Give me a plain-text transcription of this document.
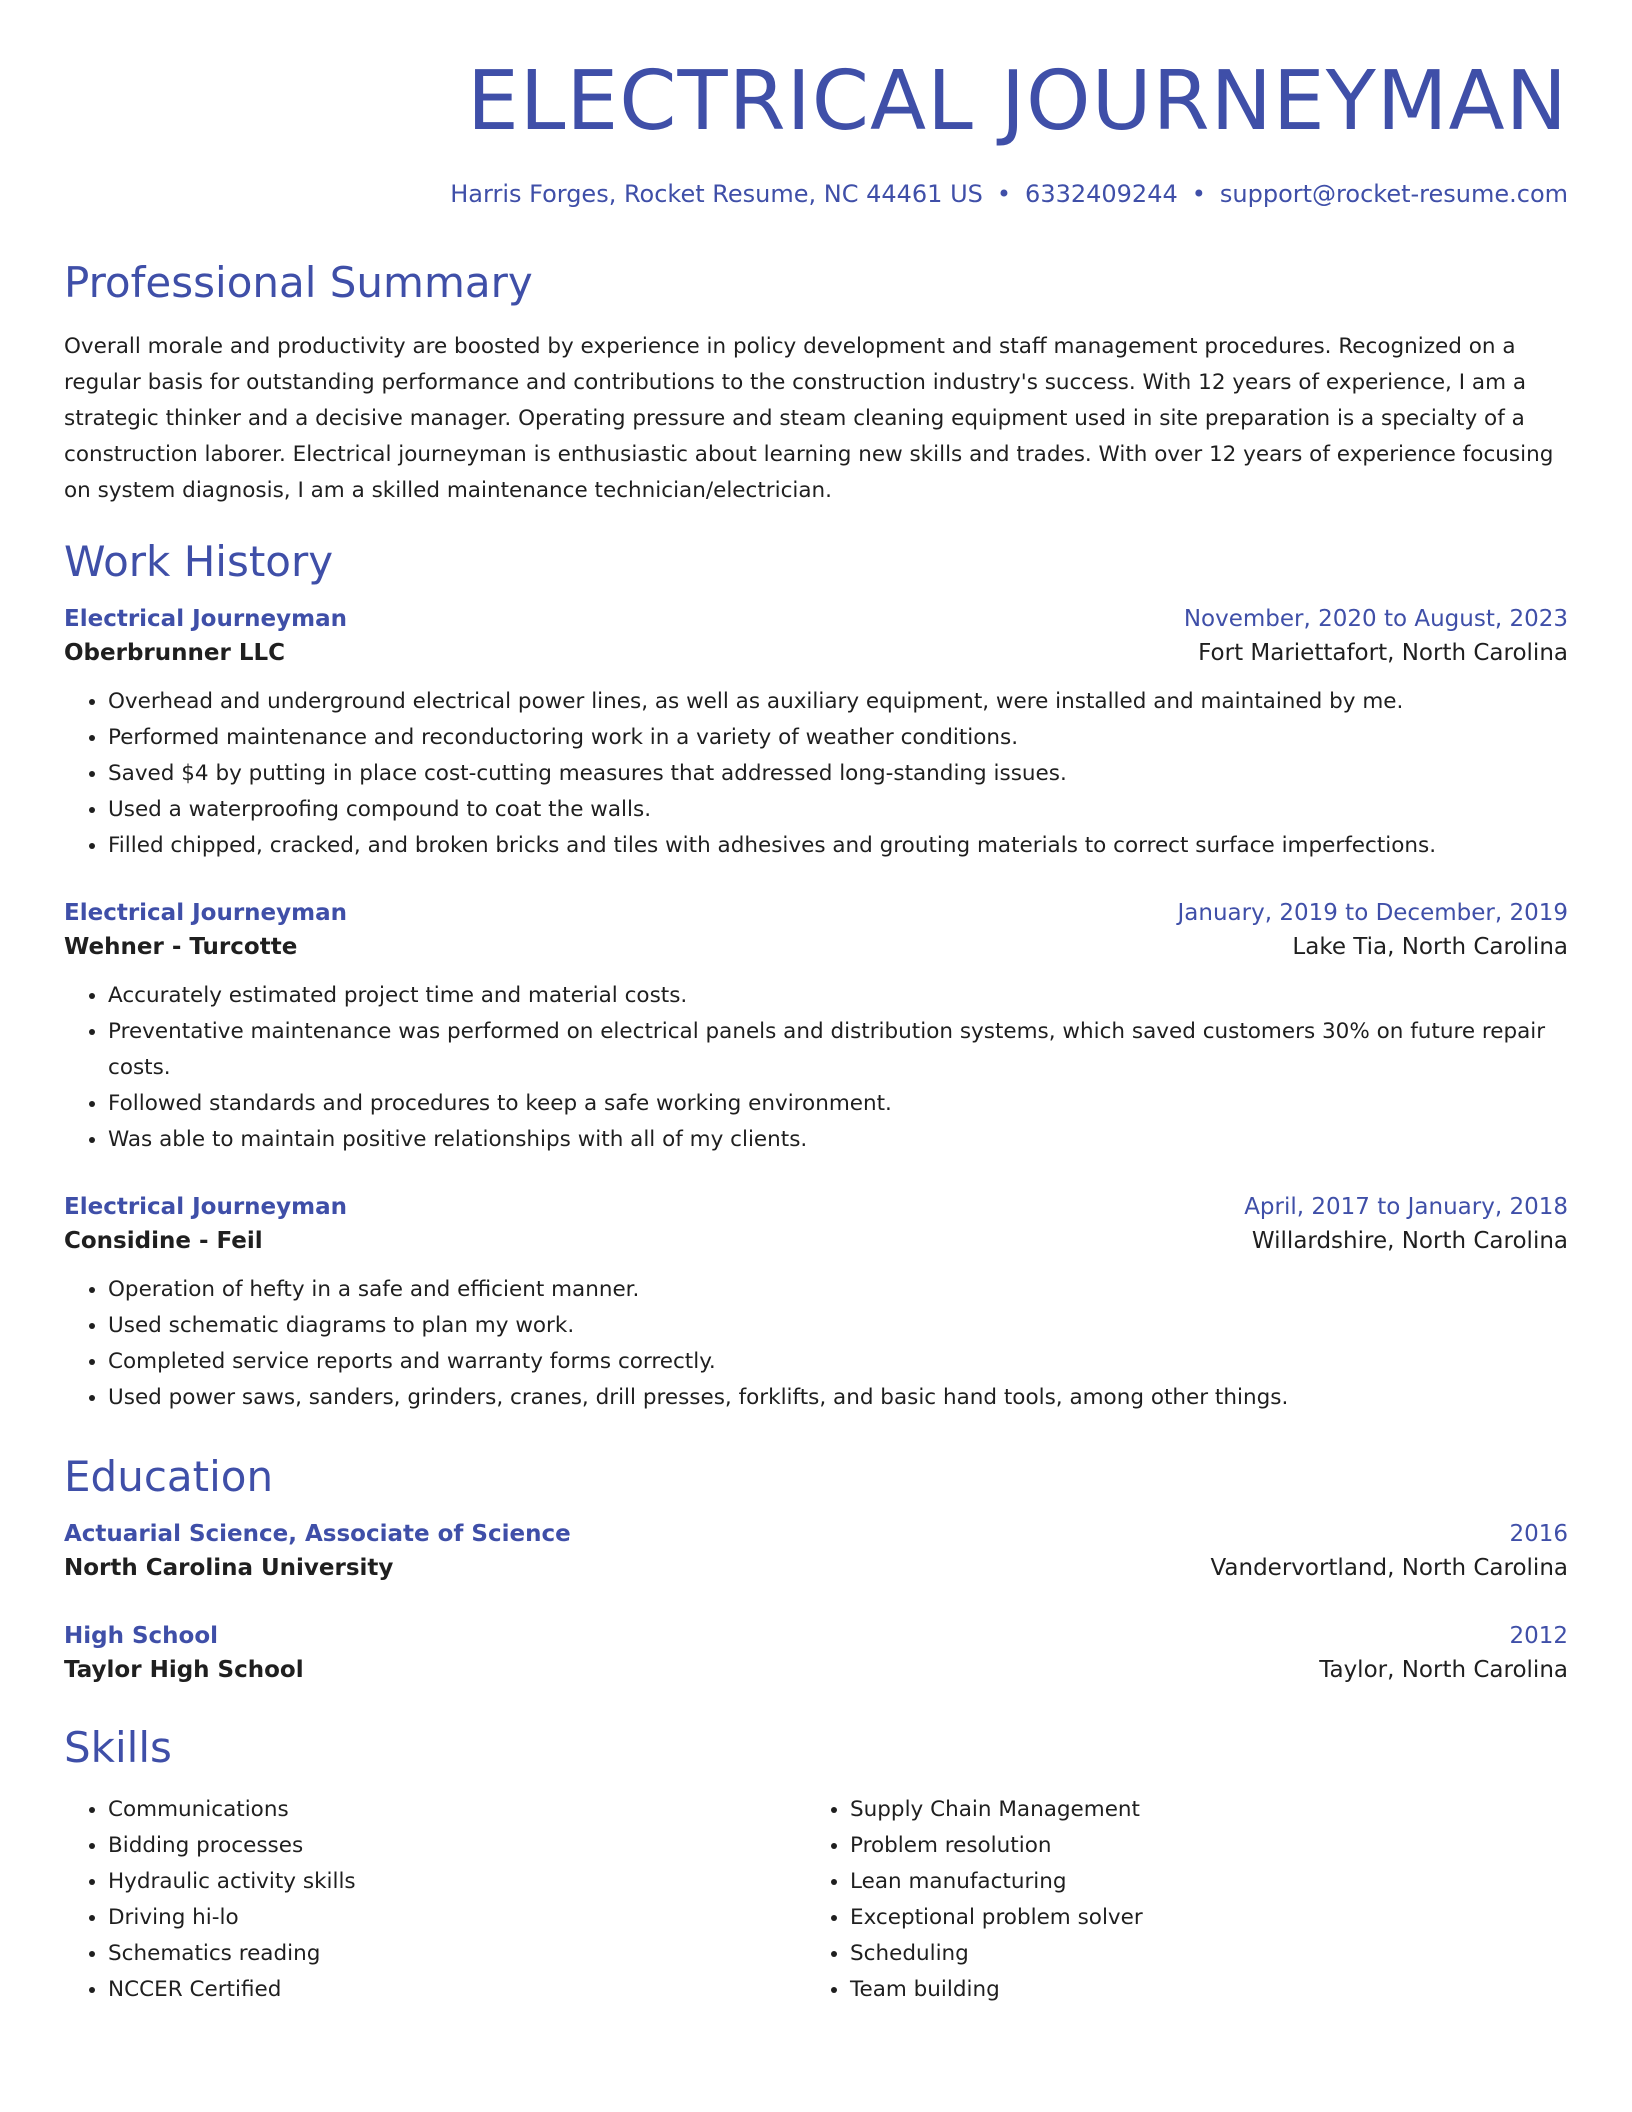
ELECTRICAL JOURNEYMAN
Harris Forges, Rocket Resume, NC 44461 US • 6332409244 • support@rocket-resume.com
Professional Summary
Overall morale and productivity are boosted by experience in policy development and staff management procedures. Recognized on a regular basis for outstanding performance and contributions to the construction industry's success. With 12 years of experience, I am a strategic thinker and a decisive manager. Operating pressure and steam cleaning equipment used in site preparation is a specialty of a construction laborer. Electrical journeyman is enthusiastic about learning new skills and trades. With over 12 years of experience focusing on system diagnosis, I am a skilled maintenance technician/electrician.
Work History
Electrical Journeyman	November, 2020 to August, 2023
Oberbrunner LLC	Fort Mariettafort, North Carolina
• Overhead and underground electrical power lines, as well as auxiliary equipment, were installed and maintained by me.
• Performed maintenance and reconductoring work in a variety of weather conditions.
• Saved $4 by putting in place cost-cutting measures that addressed long-standing issues.
• Used a waterproofing compound to coat the walls.
• Filled chipped, cracked, and broken bricks and tiles with adhesives and grouting materials to correct surface imperfections.
Electrical Journeyman	January, 2019 to December, 2019
Wehner - Turcotte	Lake Tia, North Carolina
• Accurately estimated project time and material costs.
• Preventative maintenance was performed on electrical panels and distribution systems, which saved customers 30% on future repair costs.
• Followed standards and procedures to keep a safe working environment.
• Was able to maintain positive relationships with all of my clients.
Electrical Journeyman	April, 2017 to January, 2018
Considine - Feil	Willardshire, North Carolina
• Operation of hefty in a safe and efficient manner.
• Used schematic diagrams to plan my work.
• Completed service reports and warranty forms correctly.
• Used power saws, sanders, grinders, cranes, drill presses, forklifts, and basic hand tools, among other things.
Education
Actuarial Science, Associate of Science	2016
North Carolina University	Vandervortland, North Carolina
High School	2012
Taylor High School	Taylor, North Carolina
Skills
• Communications
• Bidding processes
• Hydraulic activity skills
• Driving hi-lo
• Schematics reading
• NCCER Certified
• Supply Chain Management
• Problem resolution
• Lean manufacturing
• Exceptional problem solver
• Scheduling
• Team building
